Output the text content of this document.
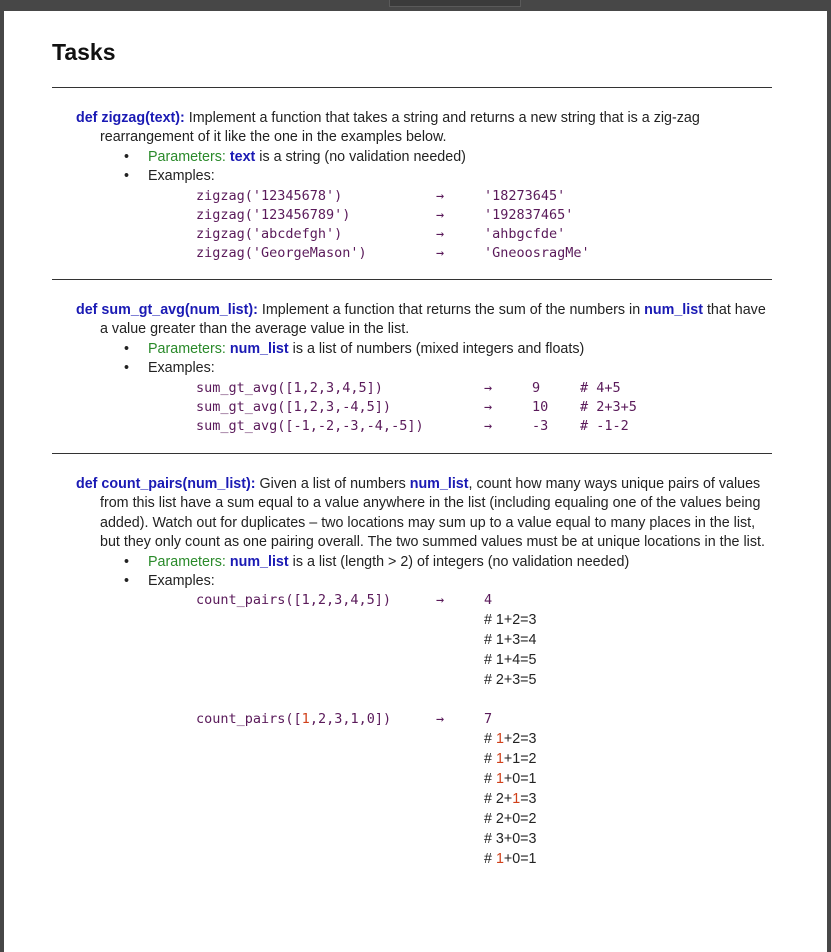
Tasks

def zigzag(text): Implement a function that takes a string and returns a new string that is a zig-zag rearrangement of it like the one in the examples below.

• Parameters: text is a string (no validation needed)
• Examples:
zigzag('12345678')	→	'18273645'
zigzag('123456789')	→	'192837465'
zigzag('abcdefgh')	→	'ahbgcfde'
zigzag('GeorgeMason')	→	'GneoosragMe'

def sum_gt_avg(num_list): Implement a function that returns the sum of the numbers in num_list that have a value greater than the average value in the list.

• Parameters: num_list is a list of numbers (mixed integers and floats)
• Examples:
sum_gt_avg([1,2,3,4,5])	→	9	# 4+5
sum_gt_avg([1,2,3,-4,5])	→	10 # 2+3+5
sum_gt_avg([-1,-2,-3,-4,-5])	→	-3 # -1-2

def count_pairs(num_list): Given a list of numbers num_list, count how many ways unique pairs of values from this list have a sum equal to a value anywhere in the list (including equaling one of the values being added). Watch out for duplicates – two locations may sum up to a value equal to many places in the list, but they only count as one pairing overall. The two summed values must be at unique locations in the list.

• Parameters: num_list is a list (length > 2) of integers (no validation needed)
• Examples:
count_pairs([1,2,3,4,5])	→	4
# 1+2=3
# 1+3=4
# 1+4=5
# 2+3=5
count_pairs([1,2,3,1,0])	→	7
# 1+2=3
# 1+1=2
# 1+0=1
# 2+1=3
# 2+0=2
# 3+0=3
# 1+0=1
